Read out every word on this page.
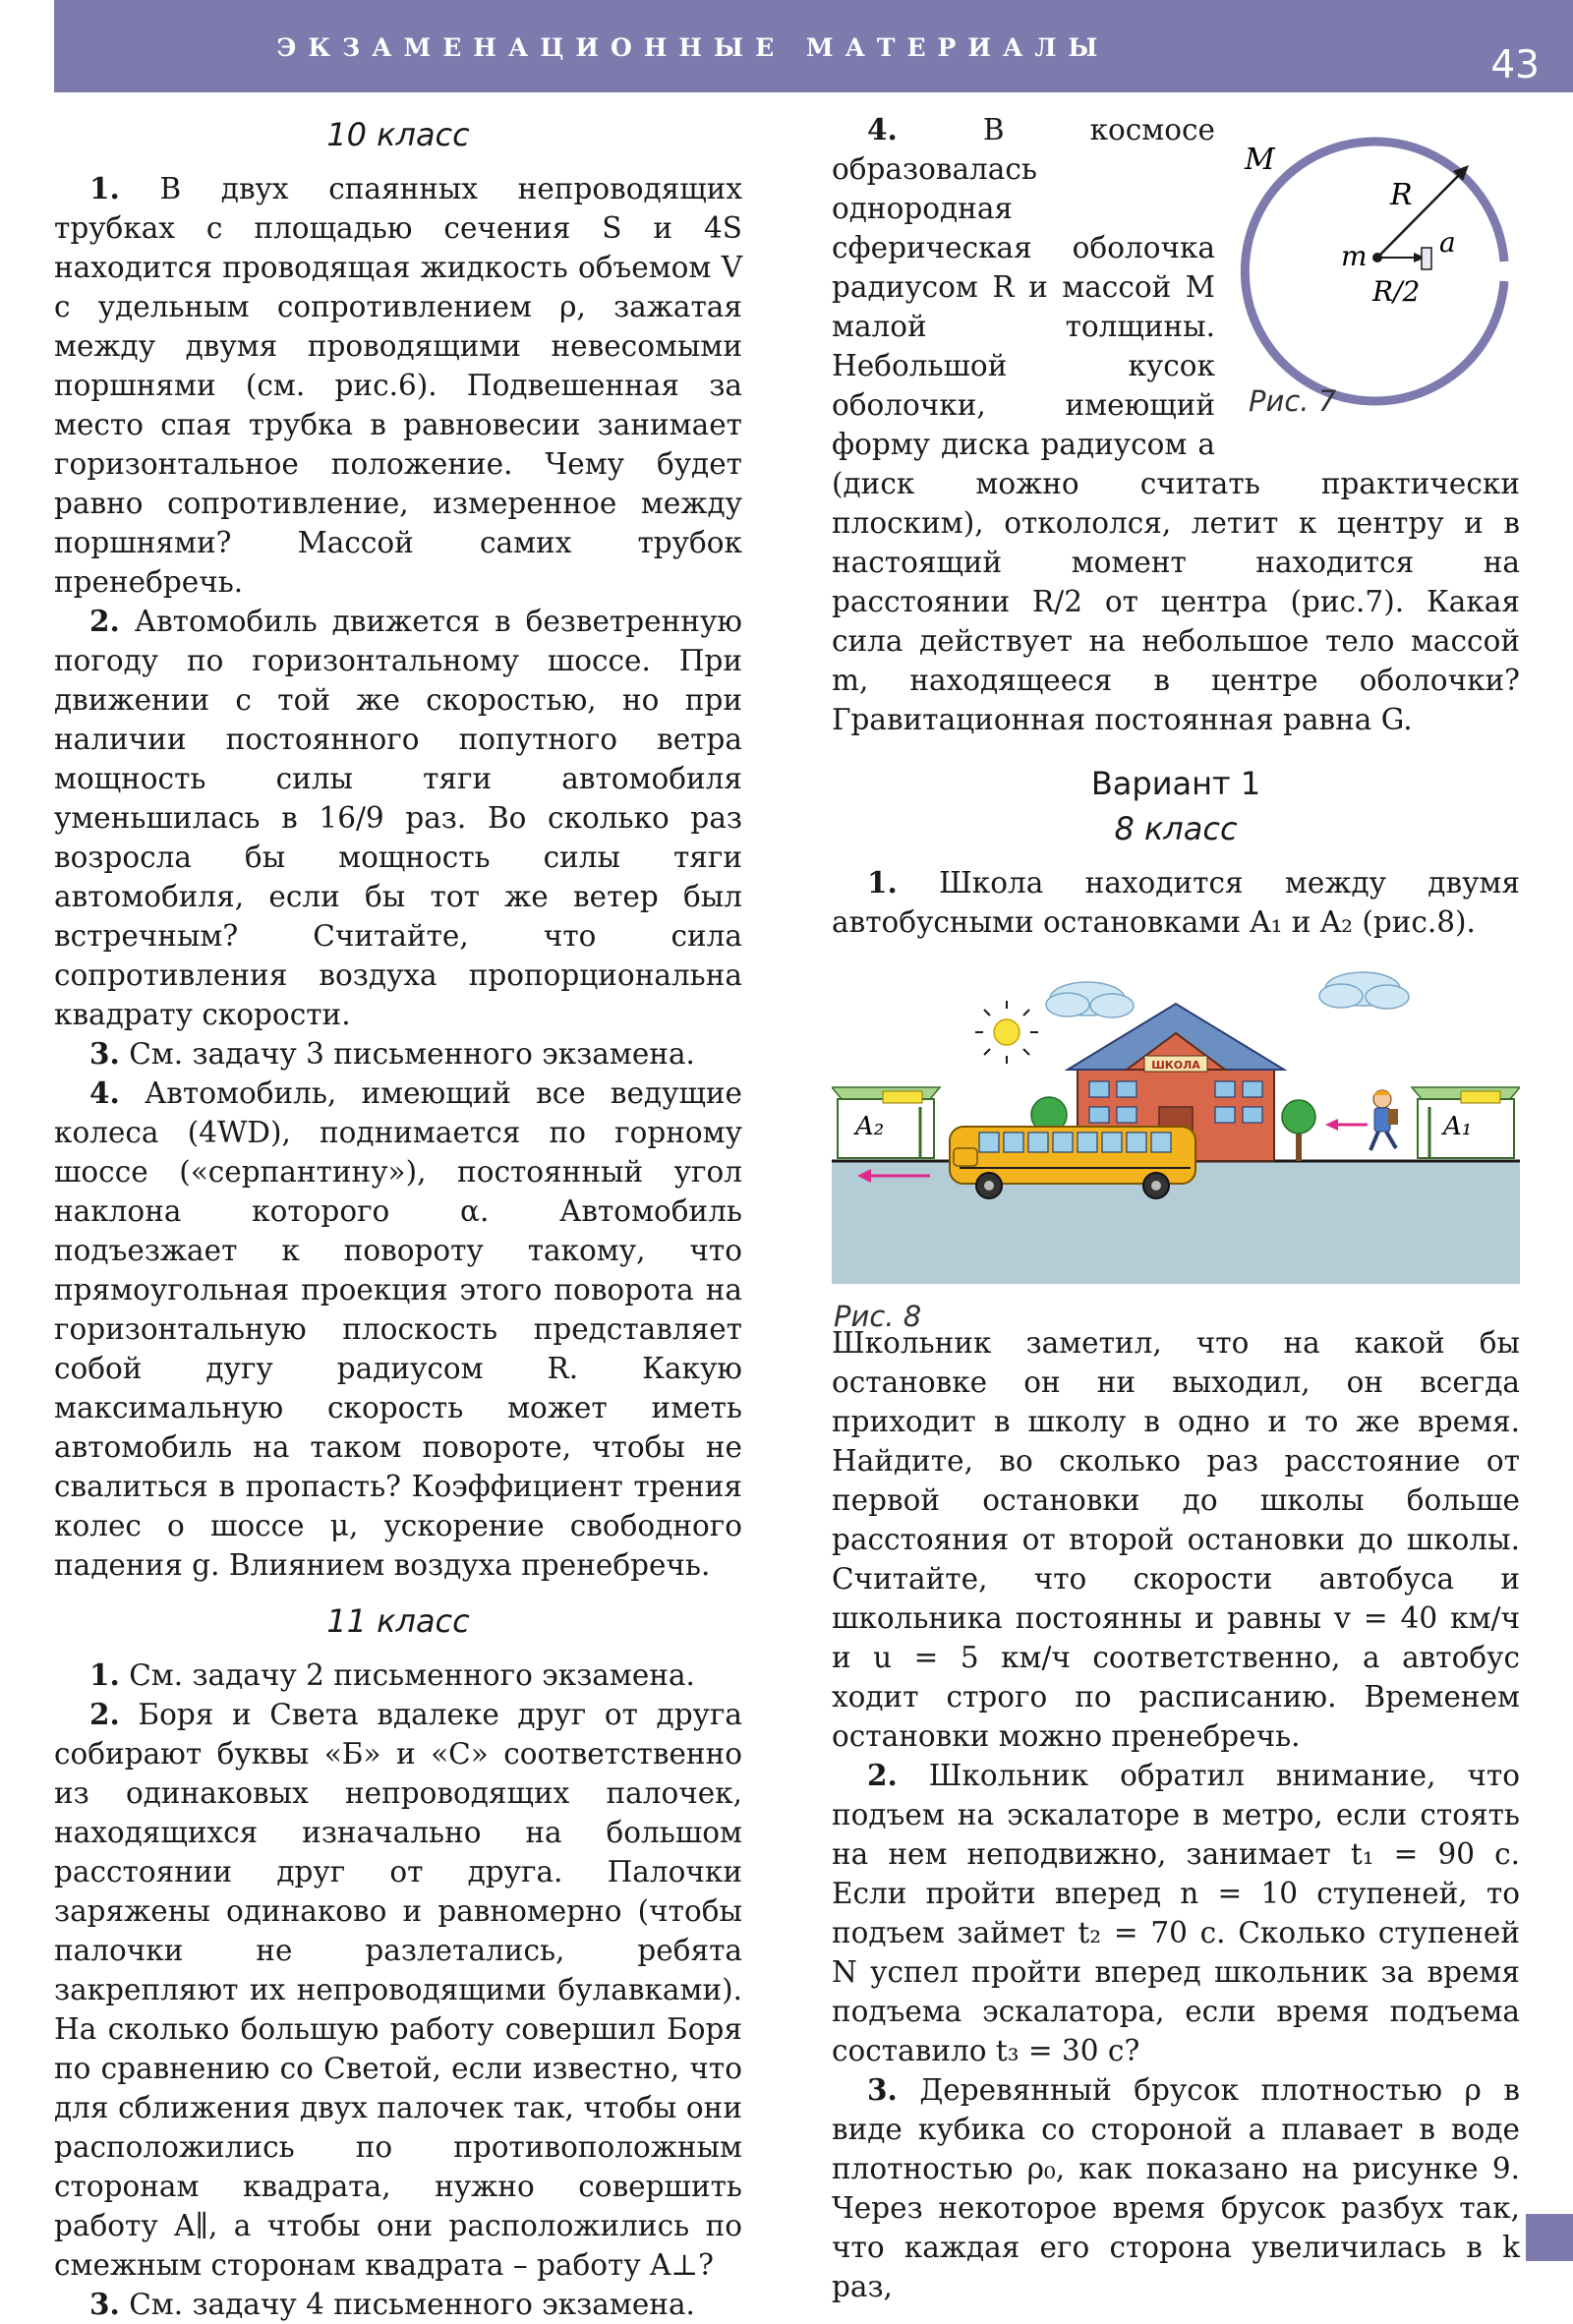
ЭКЗАМЕНАЦИОННЫЕ МАТЕРИАЛЫ	43
10 класс

1. В двух спаянных непроводящих трубках с площадью сечения S и 4S находится проводящая жидкость объемом V с удельным сопротивлением ρ, зажатая между двумя проводящими невесомыми поршнями (см. рис.6). Подвешенная за место спая трубка в равновесии занимает горизонтальное положение. Чему будет равно сопротивление, измеренное между поршнями? Массой самих трубок пренебречь.

2. Автомобиль движется в безветренную погоду по горизонтальному шоссе. При движении с той же скоростью, но при наличии постоянного попутного ветра мощность силы тяги автомобиля уменьшилась в 16/9 раз. Во сколько раз возросла бы мощность силы тяги автомобиля, если бы тот же ветер был встречным? Считайте, что сила сопротивления воздуха пропорциональна квадрату скорости.

3. См. задачу 3 письменного экзамена.

4. Автомобиль, имеющий все ведущие колеса (4WD), поднимается по горному шоссе («серпантину»), постоянный угол наклона которого α. Автомобиль подъезжает к повороту такому, что прямоугольная проекция этого поворота на горизонтальную плоскость представляет собой дугу радиусом R. Какую максимальную скорость может иметь автомобиль на таком повороте, чтобы не свалиться в пропасть? Коэффициент трения колес о шоссе μ, ускорение свободного падения g. Влиянием воздуха пренебречь.

11 класс

1. См. задачу 2 письменного экзамена.

2. Боря и Света вдалеке друг от друга собирают буквы «Б» и «С» соответственно из одинаковых непроводящих палочек, находящихся изначально на большом расстоянии друг от друга. Палочки заряжены одинаково и равномерно (чтобы палочки не разлетались, ребята закрепляют их непроводящими булавками). На сколько большую работу совершил Боря по сравнению со Светой, если известно, что для сближения двух палочек так, чтобы они расположились по противоположным сторонам квадрата, нужно совершить работу A∥, а чтобы они расположились по смежным сторонам квадрата – работу A⊥?

3. См. задачу 4 письменного экзамена.

M
R
m	a
R/2
Рис. 7

4.	В космосе образовалась однородная сферическая оболочка радиусом R и массой M малой толщины. Небольшой кусок оболочки, имеющий форму диска радиусом a (диск можно считать практически плоским), откололся, летит к центру и в настоящий момент находится на расстоянии R/2 от центра (рис.7). Какая сила действует на небольшое тело массой m, находящееся в центре оболочки? Гравитационная постоянная равна G.

Вариант 1
8 класс

1. Школа находится между двумя автобусными остановками A₁ и A₂ (рис.8).

ШКОЛА
A₂	A₁
Рис. 8

Школьник заметил, что на какой бы остановке он ни выходил, он всегда приходит в школу в одно и то же время. Найдите, во сколько раз расстояние от первой остановки до школы больше расстояния от второй остановки до школы. Считайте, что скорости автобуса и школьника постоянны и равны v = 40 км/ч и u = 5 км/ч соответственно, а автобус ходит строго по расписанию. Временем остановки можно пренебречь.

2. Школьник обратил внимание, что подъем на эскалаторе в метро, если стоять на нем неподвижно, занимает t₁ = 90 с. Если пройти вперед n = 10 ступеней, то подъем займет t₂ = 70 с. Сколько ступеней N успел пройти вперед школьник за время подъема эскалатора, если время подъема составило t₃ = 30 с?

3. Деревянный брусок плотностью ρ в виде кубика со стороной a плавает в воде плотностью ρ₀, как показано на рисунке 9. Через некоторое время брусок разбух так, что каждая его сторона увеличилась в k раз,
